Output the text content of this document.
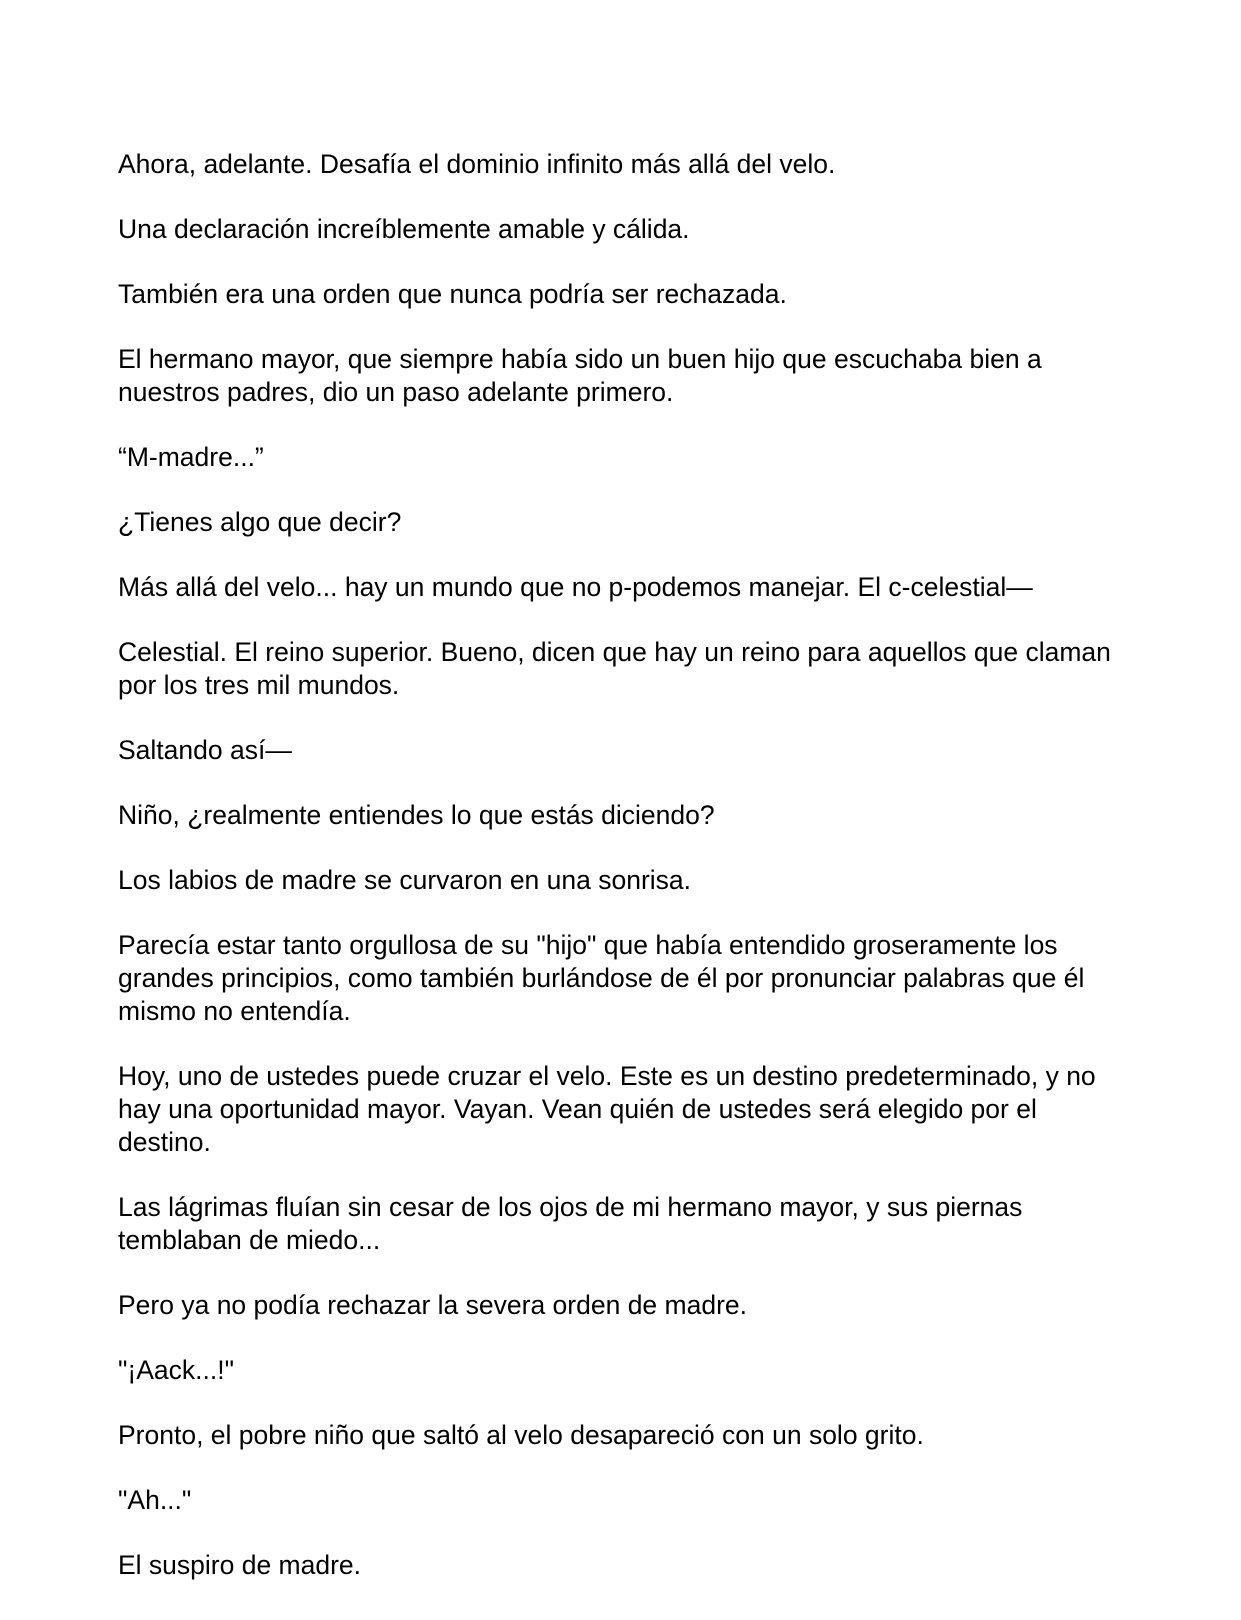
Ahora, adelante. Desafía el dominio infinito más allá del velo.

Una declaración increíblemente amable y cálida.

También era una orden que nunca podría ser rechazada.

El hermano mayor, que siempre había sido un buen hijo que escuchaba bien a nuestros padres, dio un paso adelante primero.

“M-madre...”

¿Tienes algo que decir?

Más allá del velo... hay un mundo que no p-podemos manejar. El c-celestial—

Celestial. El reino superior. Bueno, dicen que hay un reino para aquellos que claman por los tres mil mundos.

Saltando así—

Niño, ¿realmente entiendes lo que estás diciendo?

Los labios de madre se curvaron en una sonrisa.

Parecía estar tanto orgullosa de su "hijo" que había entendido groseramente los grandes principios, como también burlándose de él por pronunciar palabras que él mismo no entendía.

Hoy, uno de ustedes puede cruzar el velo. Este es un destino predeterminado, y no hay una oportunidad mayor. Vayan. Vean quién de ustedes será elegido por el destino.

Las lágrimas fluían sin cesar de los ojos de mi hermano mayor, y sus piernas temblaban de miedo...

Pero ya no podía rechazar la severa orden de madre.

"¡Aack...!"

Pronto, el pobre niño que saltó al velo desapareció con un solo grito.

"Ah..."

El suspiro de madre.
